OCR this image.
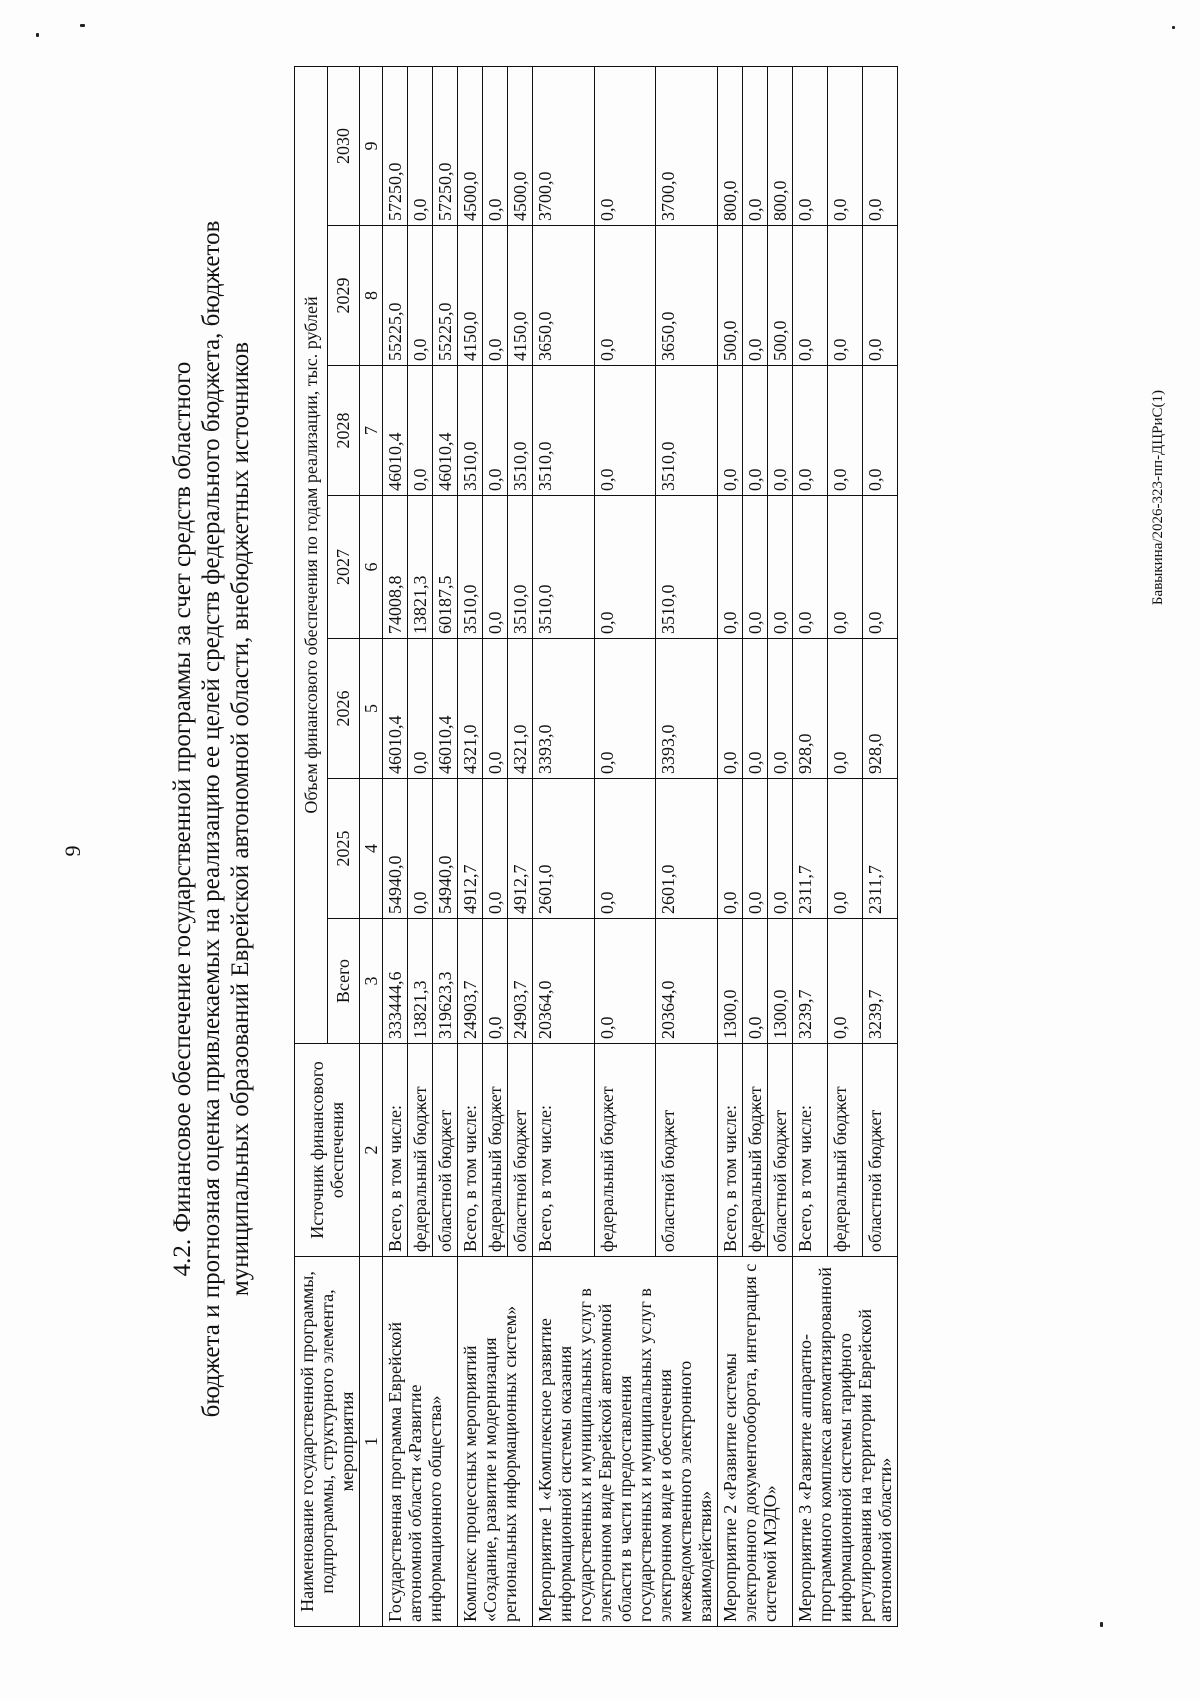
9	4.2. Финансовое обеспечение государственной программы за счет средств областного бюджета и прогнозная оценка привлекаемых на реализацию ее целей средств федерального бюджета, бюджетов муниципальных образований Еврейской автономной области, внебюджетных источников
Наименование государственной программы, подпрограммы, структурного элемента, мероприятия	Источник финансового обеспечения	Объем финансового обеспечения по годам реализации, тыс. рублей						
		Всего	2025	2026	2027	2028	2029	2030
1	2	3	4	5	6	7	8	9
Государственная программа Еврейской автономной области «Развитие информационного общества»	Всего, в том числе:	333444,6	54940,0	46010,4	74008,8	46010,4	55225,0	57250,0
	федеральный бюджет	13821,3	0,0	0,0	13821,3	0,0	0,0	0,0
	областной бюджет	319623,3	54940,0	46010,4	60187,5	46010,4	55225,0	57250,0
Комплекс процессных мероприятий «Создание, развитие и модернизация региональных информационных систем»	Всего, в том числе:	24903,7	4912,7	4321,0	3510,0	3510,0	4150,0	4500,0
	федеральный бюджет	0,0	0,0	0,0	0,0	0,0	0,0	0,0
	областной бюджет	24903,7	4912,7	4321,0	3510,0	3510,0	4150,0	4500,0
Мероприятие 1 «Комплексное развитие информационной системы оказания государственных и муниципальных услуг в электронном виде Еврейской автономной области в части предоставления государственных и муниципальных услуг в электронном виде и обеспечения межведомственного электронного взаимодействия»	Всего, в том числе:	20364,0	2601,0	3393,0	3510,0	3510,0	3650,0	3700,0
	федеральный бюджет	0,0	0,0	0,0	0,0	0,0	0,0	0,0
	областной бюджет	20364,0	2601,0	3393,0	3510,0	3510,0	3650,0	3700,0
Мероприятие 2 «Развитие системы электронного документооборота, интеграция с системой МЭДО»	Всего, в том числе:	1300,0	0,0	0,0	0,0	0,0	500,0	800,0
	федеральный бюджет	0,0	0,0	0,0	0,0	0,0	0,0	0,0
	областной бюджет	1300,0	0,0	0,0	0,0	0,0	500,0	800,0
Мероприятие 3 «Развитие аппаратно-программного комплекса автоматизированной информационной системы тарифного регулирования на территории Еврейской автономной области»	Всего, в том числе:	3239,7	2311,7	928,0	0,0	0,0	0,0	0,0
	федеральный бюджет	0,0	0,0	0,0	0,0	0,0	0,0	0,0
	областной бюджет	3239,7	2311,7	928,0	0,0	0,0	0,0	0,0
Бавыкина/2026-323-пп-ДЦРиС(1)
